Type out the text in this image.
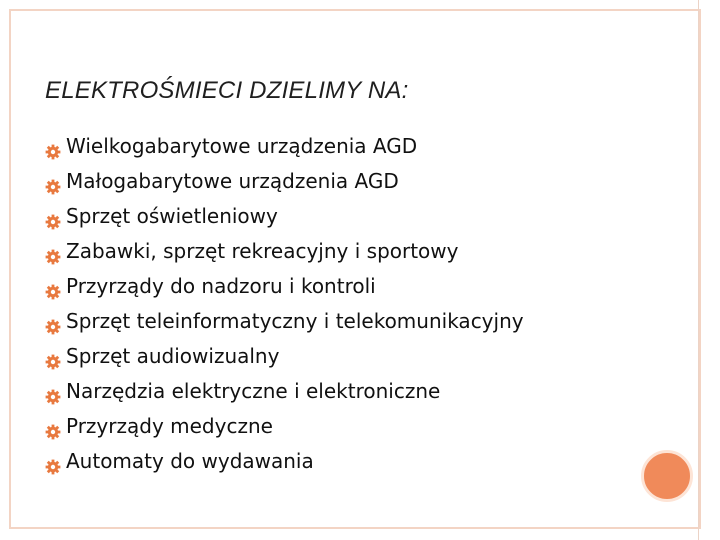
ELEKTROŚMIECI DZIELIMY NA:
Wielkogabarytowe urządzenia AGD
Małogabarytowe urządzenia AGD
Sprzęt oświetleniowy
Zabawki, sprzęt rekreacyjny i sportowy
Przyrządy do nadzoru i kontroli
Sprzęt teleinformatyczny i telekomunikacyjny
Sprzęt audiowizualny
Narzędzia elektryczne i elektroniczne
Przyrządy medyczne
Automaty do wydawania
